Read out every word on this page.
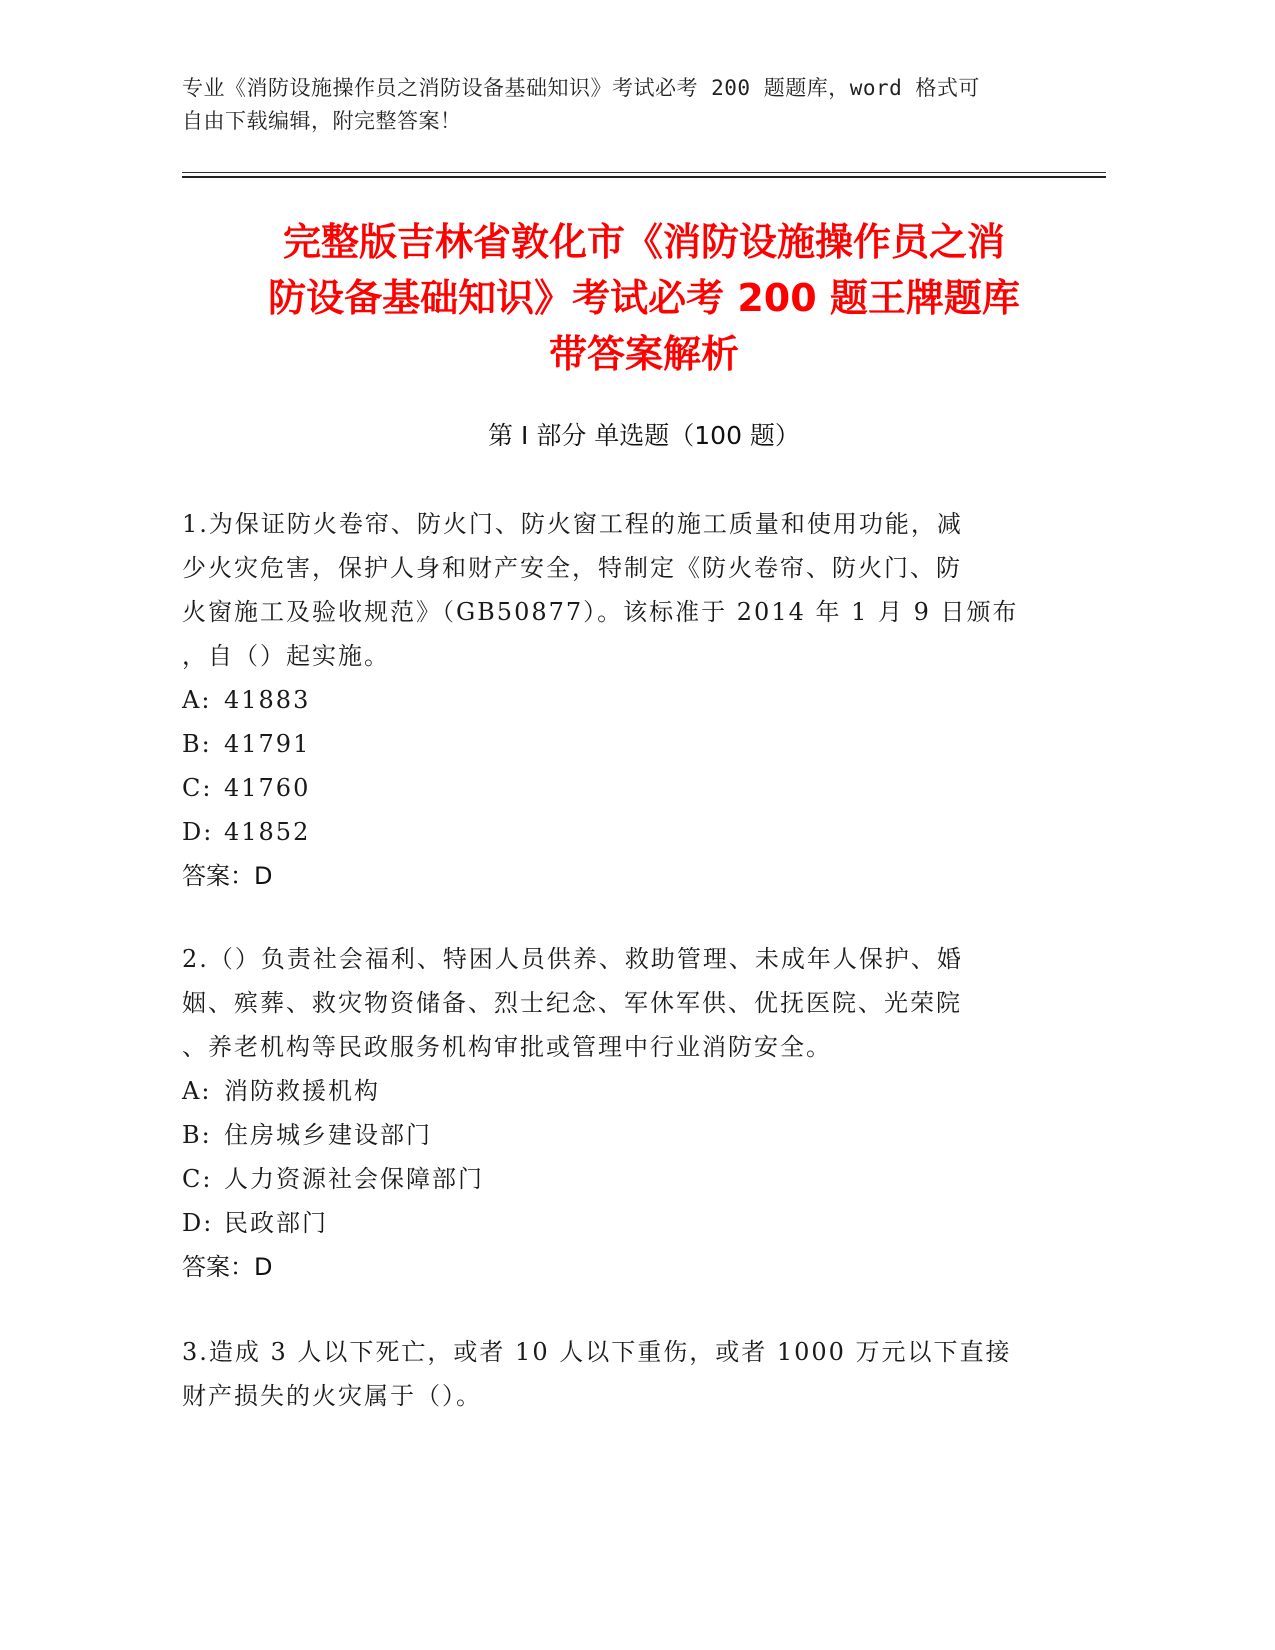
专业《消防设施操作员之消防设备基础知识》考试必考 200 题题库，word 格式可
自由下载编辑，附完整答案！
完整版吉林省敦化市《消防设施操作员之消
防设备基础知识》考试必考 200 题王牌题库
带答案解析
第 I 部分 单选题（100 题）
1.为保证防火卷帘、防火门、防火窗工程的施工质量和使用功能，减
少火灾危害，保护人身和财产安全，特制定《防火卷帘、防火门、防
火窗施工及验收规范》（GB50877）。该标准于 2014 年 1 月 9 日颁布
，自（）起实施。
A: 41883
B: 41791
C: 41760
D: 41852
答案：D
2.（）负责社会福利、特困人员供养、救助管理、未成年人保护、婚
姻、殡葬、救灾物资储备、烈士纪念、军休军供、优抚医院、光荣院
、养老机构等民政服务机构审批或管理中行业消防安全。
A: 消防救援机构
B: 住房城乡建设部门
C: 人力资源社会保障部门
D: 民政部门
答案：D
3.造成 3 人以下死亡，或者 10 人以下重伤，或者 1000 万元以下直接
财产损失的火灾属于（）。
